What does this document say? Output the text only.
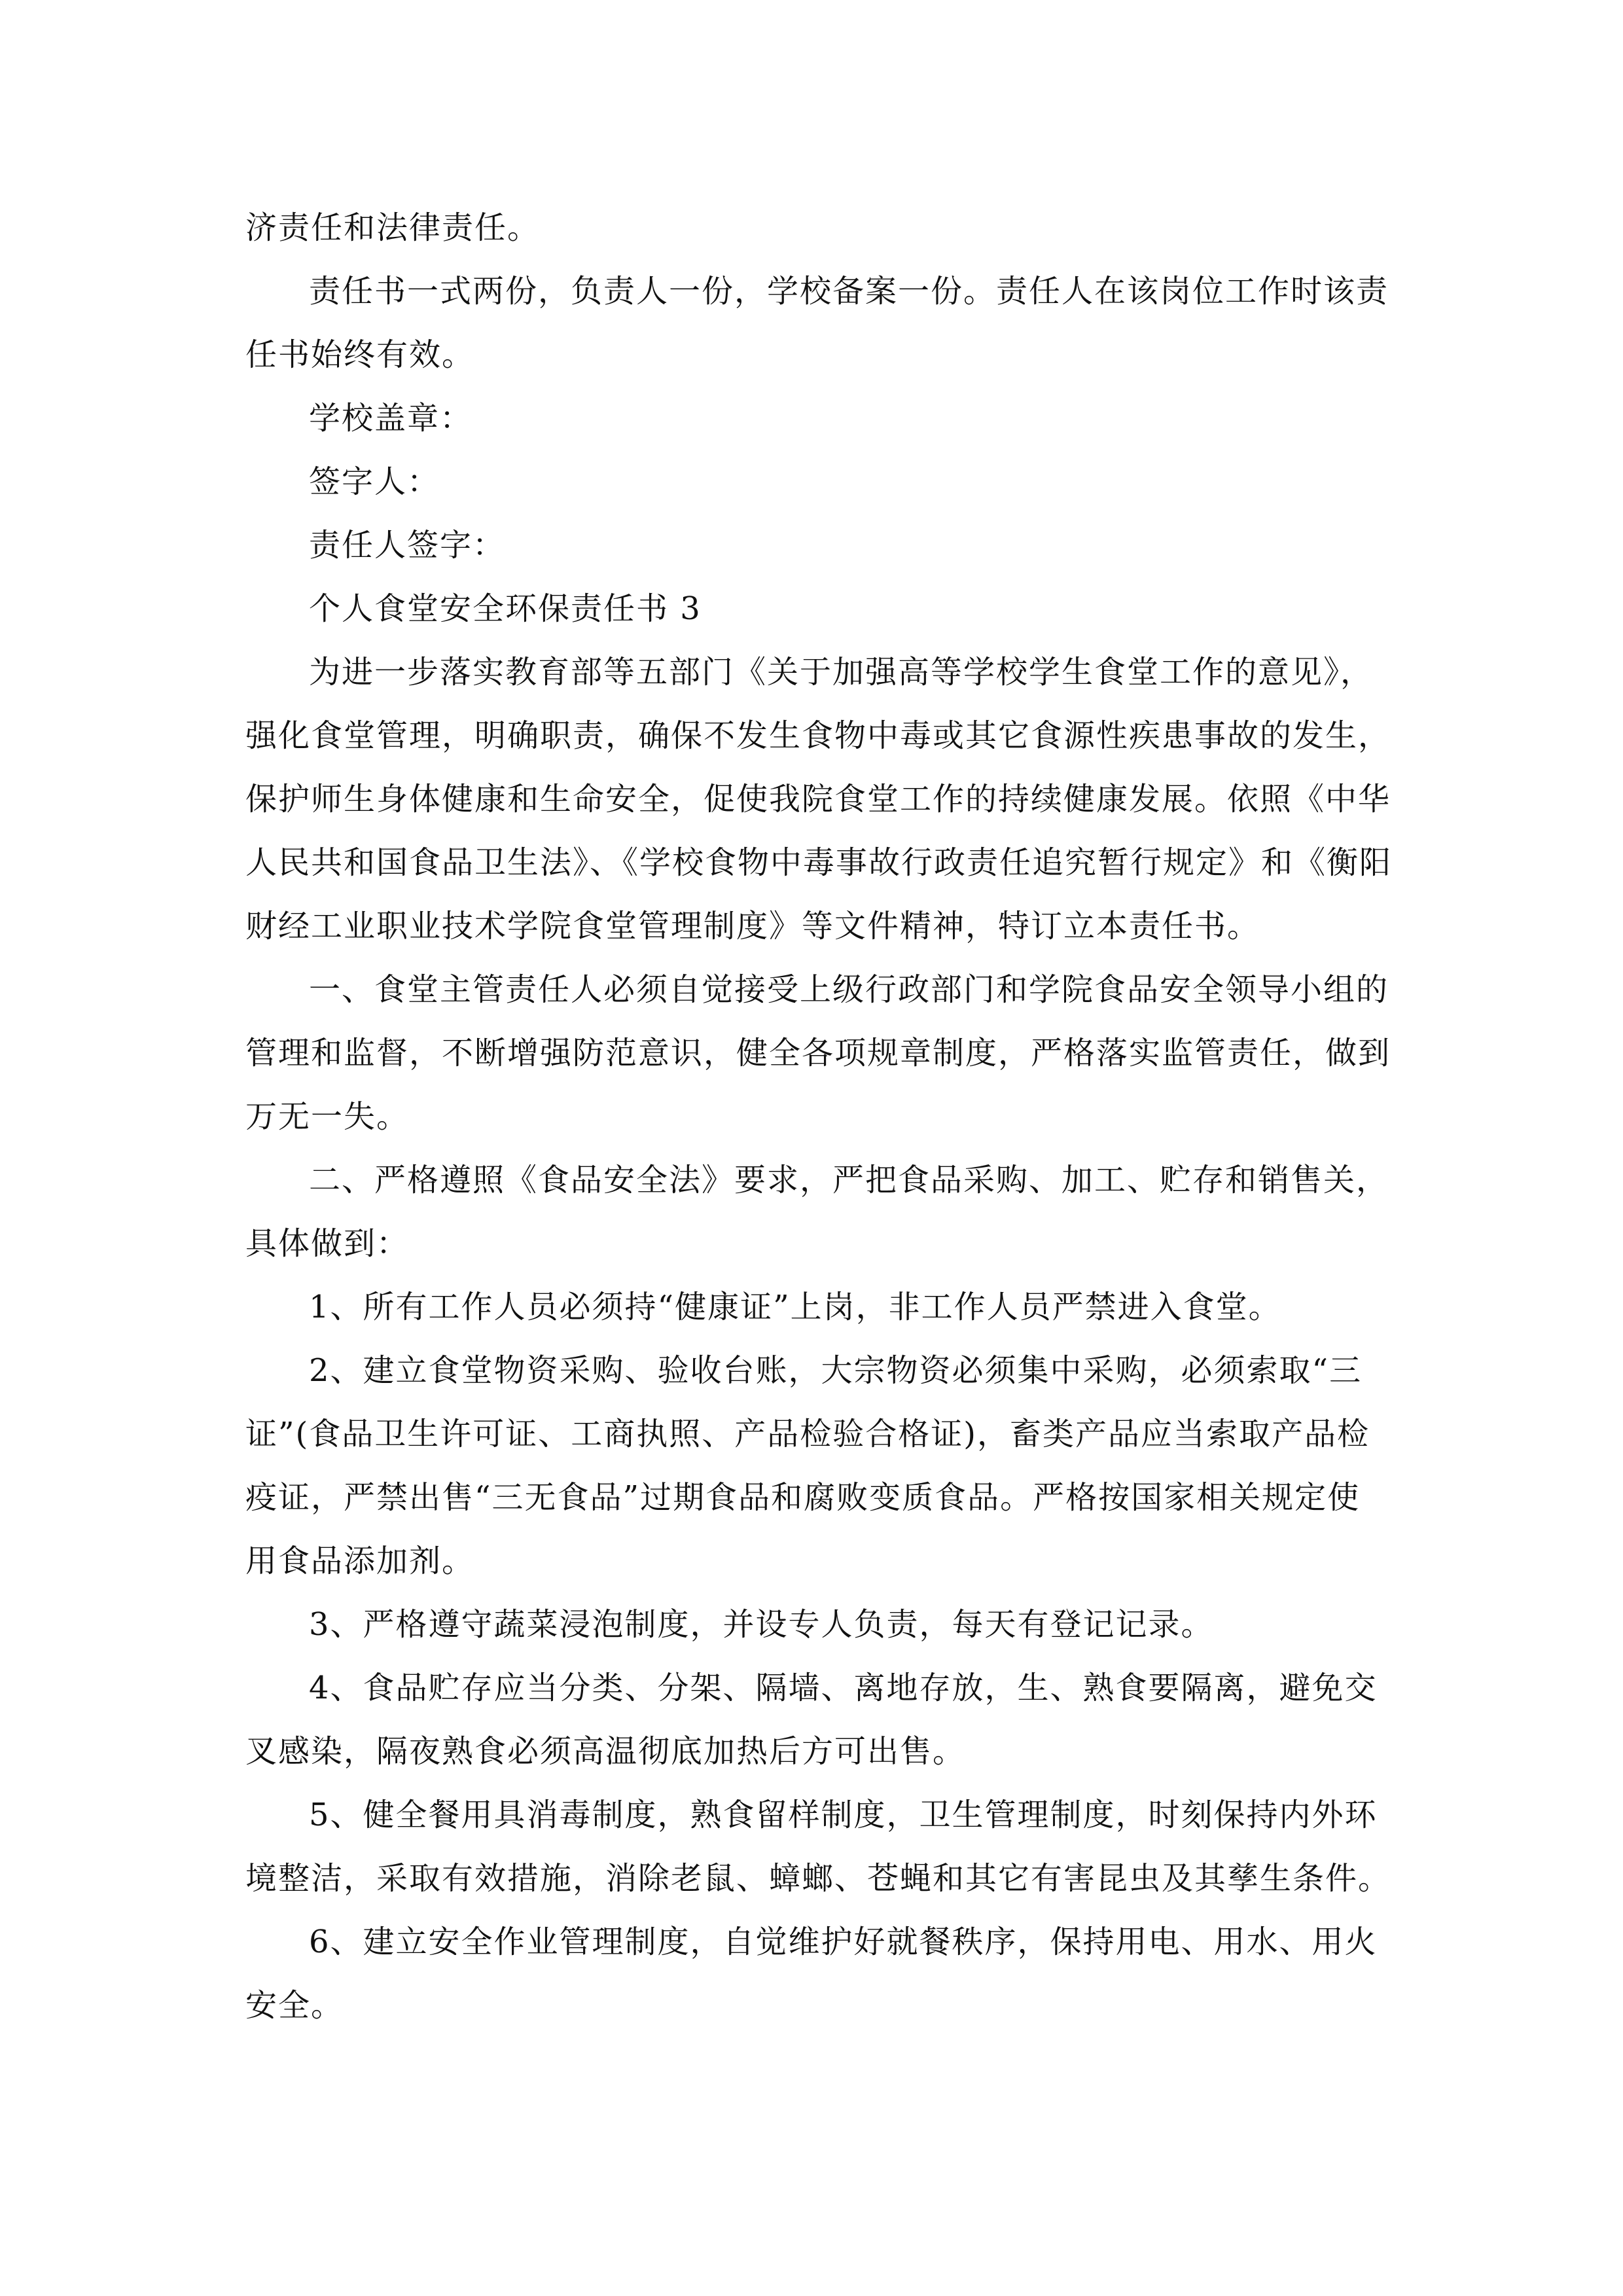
济责任和法律责任。

责任书一式两份，负责人一份，学校备案一份。责任人在该岗位工作时该责

任书始终有效。

学校盖章：

签字人：

责任人签字：

个人食堂安全环保责任书 3

为进一步落实教育部等五部门《关于加强高等学校学生食堂工作的意见》，

强化食堂管理，明确职责，确保不发生食物中毒或其它食源性疾患事故的发生，

保护师生身体健康和生命安全，促使我院食堂工作的持续健康发展。依照《中华

人民共和国食品卫生法》、《学校食物中毒事故行政责任追究暂行规定》和《衡阳

财经工业职业技术学院食堂管理制度》等文件精神，特订立本责任书。

一、食堂主管责任人必须自觉接受上级行政部门和学院食品安全领导小组的

管理和监督，不断增强防范意识，健全各项规章制度，严格落实监管责任，做到

万无一失。

二、严格遵照《食品安全法》要求，严把食品采购、加工、贮存和销售关，

具体做到：

1、所有工作人员必须持“健康证”上岗，非工作人员严禁进入食堂。

2、建立食堂物资采购、验收台账，大宗物资必须集中采购，必须索取“三

证”(食品卫生许可证、工商执照、产品检验合格证)，畜类产品应当索取产品检

疫证，严禁出售“三无食品”过期食品和腐败变质食品。严格按国家相关规定使

用食品添加剂。

3、严格遵守蔬菜浸泡制度，并设专人负责，每天有登记记录。

4、食品贮存应当分类、分架、隔墙、离地存放，生、熟食要隔离，避免交

叉感染，隔夜熟食必须高温彻底加热后方可出售。

5、健全餐用具消毒制度，熟食留样制度，卫生管理制度，时刻保持内外环

境整洁，采取有效措施，消除老鼠、蟑螂、苍蝇和其它有害昆虫及其孳生条件。

6、建立安全作业管理制度，自觉维护好就餐秩序，保持用电、用水、用火

安全。
